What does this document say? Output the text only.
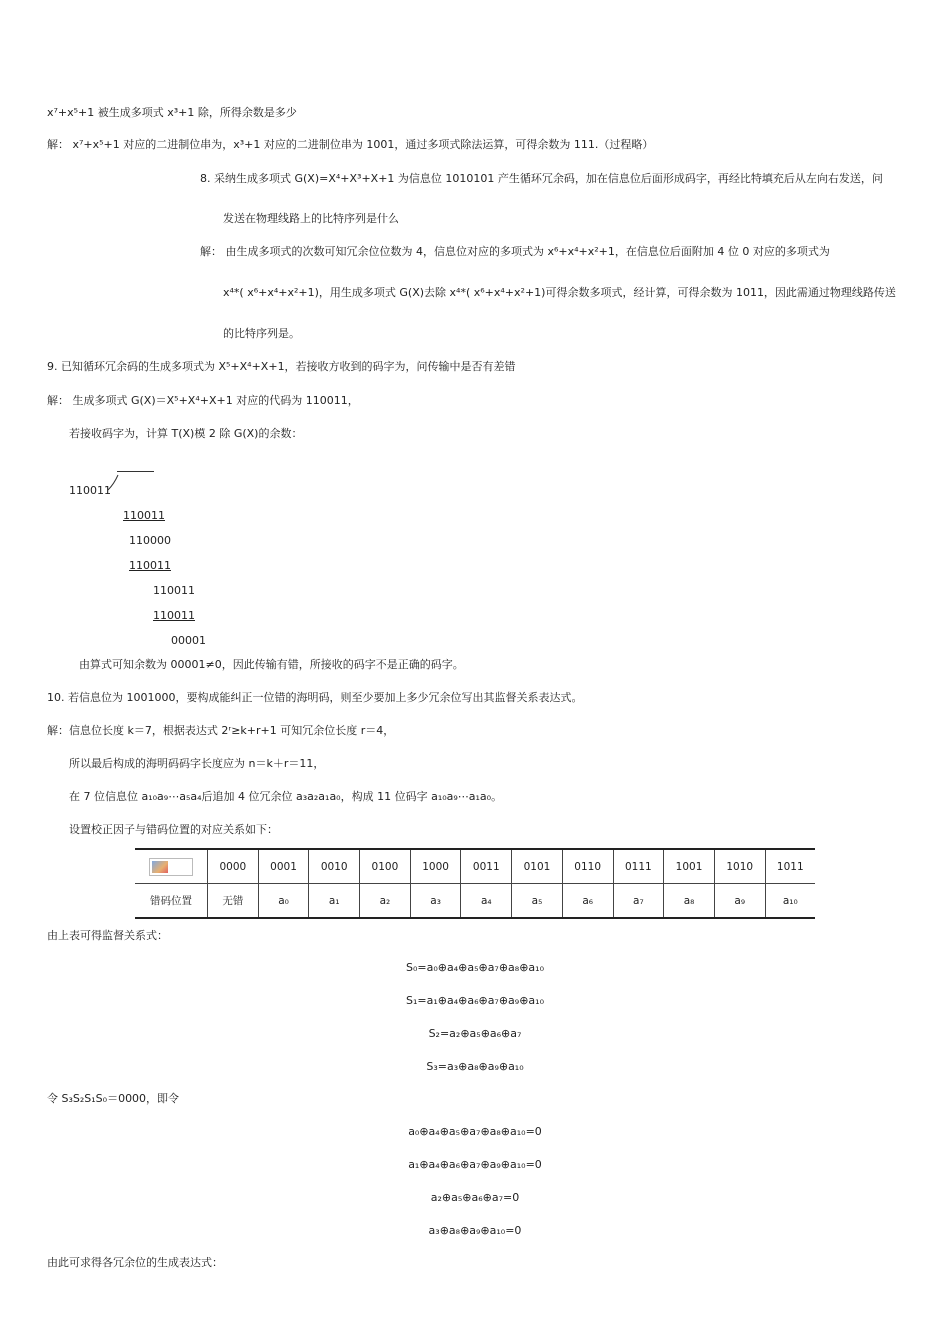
x⁷+x⁵+1 被生成多项式 x³+1 除，所得余数是多少
解： x⁷+x⁵+1 对应的二进制位串为，x³+1 对应的二进制位串为 1001，通过多项式除法运算，可得余数为 111.（过程略）
8. 采纳生成多项式 G(X)=X⁴+X³+X+1 为信息位 1010101 产生循环冗余码，加在信息位后面形成码字，再经比特填充后从左向右发送，问
发送在物理线路上的比特序列是什么
解： 由生成多项式的次数可知冗余位位数为 4，信息位对应的多项式为 x⁶+x⁴+x²+1，在信息位后面附加 4 位 0 对应的多项式为
x⁴*( x⁶+x⁴+x²+1)，用生成多项式 G(X)去除 x⁴*( x⁶+x⁴+x²+1)可得余数多项式，经计算，可得余数为 1011，因此需通过物理线路传送
的比特序列是。
9. 已知循环冗余码的生成多项式为 X⁵+X⁴+X+1，若接收方收到的码字为，问传输中是否有差错
解： 生成多项式 G(X)＝X⁵+X⁴+X+1 对应的代码为 110011，
若接收码字为，计算 T(X)模 2 除 G(X)的余数：
110011
110011
110000
110011
110011
110011
00001
由算式可知余数为 00001≠0，因此传输有错，所接收的码字不是正确的码字。
10. 若信息位为 1001000，要构成能纠正一位错的海明码，则至少要加上多少冗余位写出其监督关系表达式。
解：信息位长度 k＝7，根据表达式 2ʳ≥k+r+1 可知冗余位长度 r＝4，
所以最后构成的海明码码字长度应为 n＝k＋r＝11，
在 7 位信息位 a₁₀a₉⋯a₅a₄后追加 4 位冗余位 a₃a₂a₁a₀，构成 11 位码字 a₁₀a₉⋯a₁a₀。
设置校正因子与错码位置的对应关系如下：
	0000	0001	0010	0100	1000	0011	0101	0110	0111	1001	1010	1011
错码位置	无错	a₀	a₁	a₂	a₃	a₄	a₅	a₆	a₇	a₈	a₉	a₁₀
由上表可得监督关系式：
S₀=a₀⊕a₄⊕a₅⊕a₇⊕a₈⊕a₁₀
S₁=a₁⊕a₄⊕a₆⊕a₇⊕a₉⊕a₁₀
S₂=a₂⊕a₅⊕a₆⊕a₇
S₃=a₃⊕a₈⊕a₉⊕a₁₀
令 S₃S₂S₁S₀＝0000，即令
a₀⊕a₄⊕a₅⊕a₇⊕a₈⊕a₁₀=0
a₁⊕a₄⊕a₆⊕a₇⊕a₉⊕a₁₀=0
a₂⊕a₅⊕a₆⊕a₇=0
a₃⊕a₈⊕a₉⊕a₁₀=0
由此可求得各冗余位的生成表达式：
